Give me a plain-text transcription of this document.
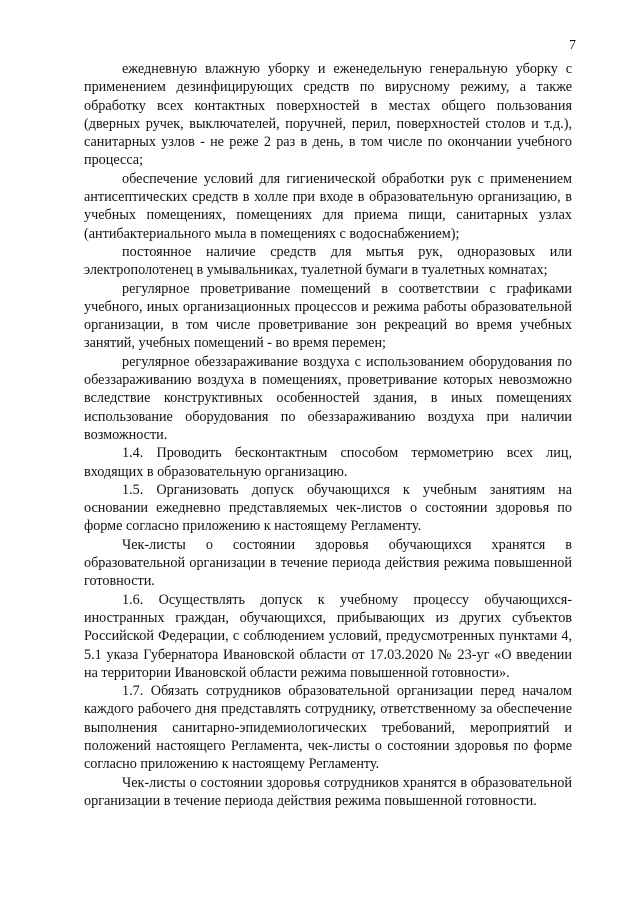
7

ежедневную влажную уборку и еженедельную генеральную уборку с применением дезинфицирующих средств по вирусному режиму, а также обработку всех контактных поверхностей в местах общего пользования (дверных ручек, выключателей, поручней, перил, поверхностей столов и т.д.), санитарных узлов - не реже 2 раз в день, в том числе по окончании учебного процесса;

обеспечение условий для гигиенической обработки рук с применением антисептических средств в холле при входе в образовательную организацию, в учебных помещениях, помещениях для приема пищи, санитарных узлах (антибактериального мыла в помещениях с водоснабжением);

постоянное наличие средств для мытья рук, одноразовых или электрополотенец в умывальниках, туалетной бумаги в туалетных комнатах;

регулярное проветривание помещений в соответствии с графиками учебного, иных организационных процессов и режима работы образовательной организации, в том числе проветривание зон рекреаций во время учебных занятий, учебных помещений - во время перемен;

регулярное обеззараживание воздуха с использованием оборудования по обеззараживанию воздуха в помещениях, проветривание которых невозможно вследствие конструктивных особенностей здания, в иных помещениях использование оборудования по обеззараживанию воздуха при наличии возможности.

1.4. Проводить бесконтактным способом термометрию всех лиц, входящих в образовательную организацию.

1.5. Организовать допуск обучающихся к учебным занятиям на основании ежедневно представляемых чек-листов о состоянии здоровья по форме согласно приложению к настоящему Регламенту.

Чек-листы о состоянии здоровья обучающихся хранятся в образовательной организации в течение периода действия режима повышенной готовности.

1.6. Осуществлять допуск к учебному процессу обучающихся-иностранных граждан, обучающихся, прибывающих из других субъектов Российской Федерации, с соблюдением условий, предусмотренных пунктами 4, 5.1 указа Губернатора Ивановской области от 17.03.2020 № 23-уг «О введении на территории Ивановской области режима повышенной готовности».

1.7. Обязать сотрудников образовательной организации перед началом каждого рабочего дня представлять сотруднику, ответственному за обеспечение выполнения санитарно-эпидемиологических требований, мероприятий и положений настоящего Регламента, чек-листы о состоянии здоровья по форме согласно приложению к настоящему Регламенту.

Чек-листы о состоянии здоровья сотрудников хранятся в образовательной организации в течение периода действия режима повышенной готовности.
